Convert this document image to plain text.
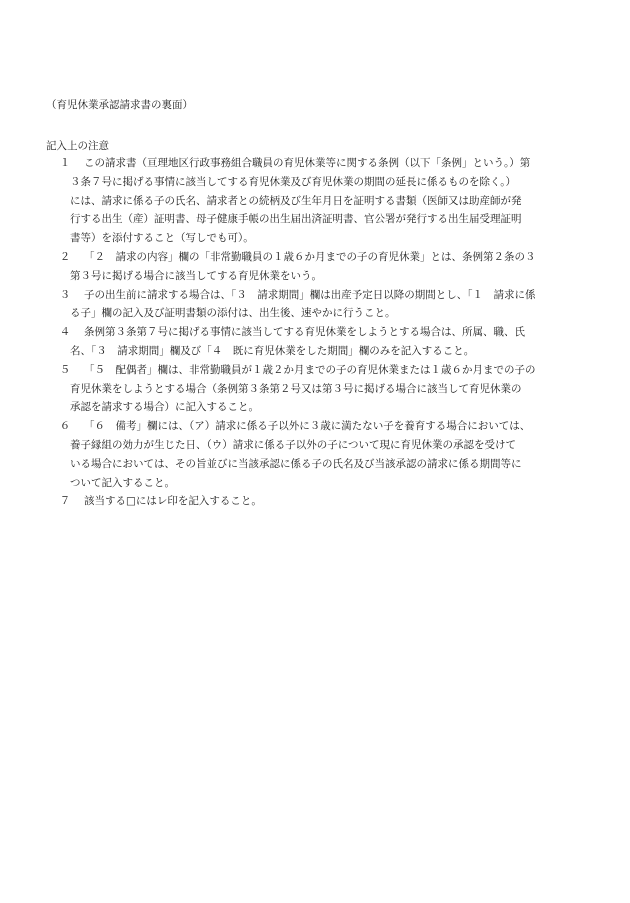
（育児休業承認請求書の裏面）
記入上の注意
１	この請求書（亘理地区行政事務組合職員の育児休業等に関する条例（以下「条例」という。）第
３条７号に掲げる事情に該当してする育児休業及び育児休業の期間の延長に係るものを除く。）
には、請求に係る子の氏名、請求者との続柄及び生年月日を証明する書類（医師又は助産師が発
行する出生（産）証明書、母子健康手帳の出生届出済証明書、官公署が発行する出生届受理証明
書等）を添付すること（写しでも可）。
２	「２　請求の内容」欄の「非常勤職員の１歳６か月までの子の育児休業」とは、条例第２条の３
第３号に掲げる場合に該当してする育児休業をいう。
３	子の出生前に請求する場合は、「３　請求期間」欄は出産予定日以降の期間とし、「１　請求に係
る子」欄の記入及び証明書類の添付は、出生後、速やかに行うこと。
４	条例第３条第７号に掲げる事情に該当してする育児休業をしようとする場合は、所属、職、氏
名、「３　請求期間」欄及び「４　既に育児休業をした期間」欄のみを記入すること。
５	「５　配偶者」欄は、非常勤職員が１歳２か月までの子の育児休業または１歳６か月までの子の
育児休業をしようとする場合（条例第３条第２号又は第３号に掲げる場合に該当して育児休業の
承認を請求する場合）に記入すること。
６	「６　備考」欄には、（ア）請求に係る子以外に３歳に満たない子を養育する場合においては、
養子縁組の効力が生じた日、（ウ）請求に係る子以外の子について現に育児休業の承認を受けて
いる場合においては、その旨並びに当該承認に係る子の氏名及び当該承認の請求に係る期間等に
ついて記入すること。
７	該当する□にはレ印を記入すること。
